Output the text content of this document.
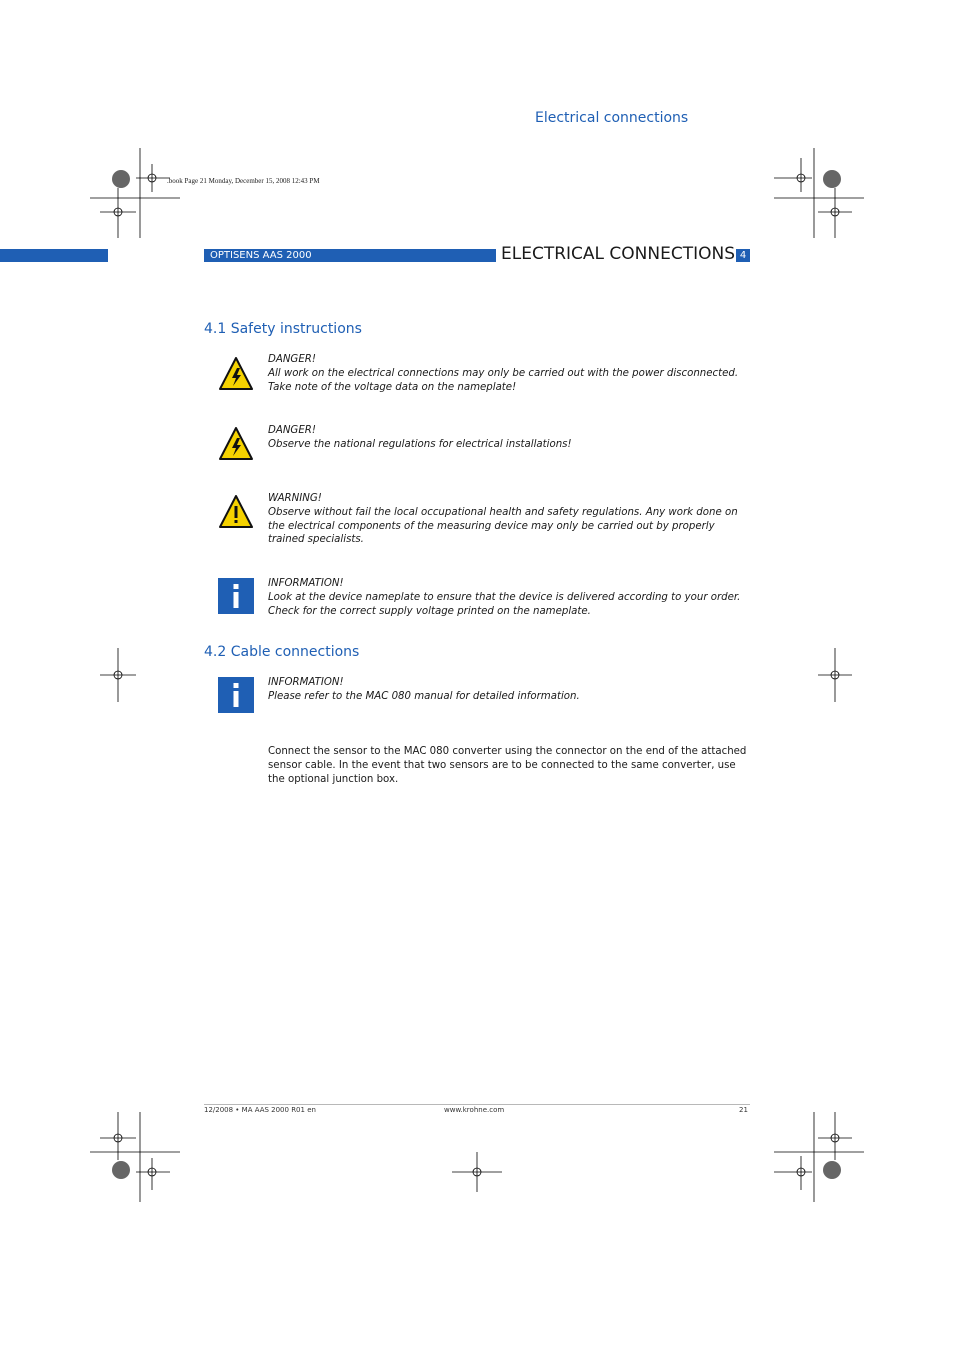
Electrical connections
.book Page 21 Monday, December 15, 2008 12:43 PM
OPTISENS AAS 2000	ELECTRICAL CONNECTIONS 4
4.1 Safety instructions
DANGER!
All work on the electrical connections may only be carried out with the power disconnected. Take note of the voltage data on the nameplate!
DANGER!
Observe the national regulations for electrical installations!
WARNING!
Observe without fail the local occupational health and safety regulations. Any work done on the electrical components of the measuring device may only be carried out by properly trained specialists.
INFORMATION!
Look at the device nameplate to ensure that the device is delivered according to your order. Check for the correct supply voltage printed on the nameplate.
4.2 Cable connections
INFORMATION!
Please refer to the MAC 080 manual for detailed information.
Connect the sensor to the MAC 080 converter using the connector on the end of the attached sensor cable. In the event that two sensors are to be connected to the same converter, use the optional junction box.
12/2008 • MA AAS 2000 R01 en	www.krohne.com	21
